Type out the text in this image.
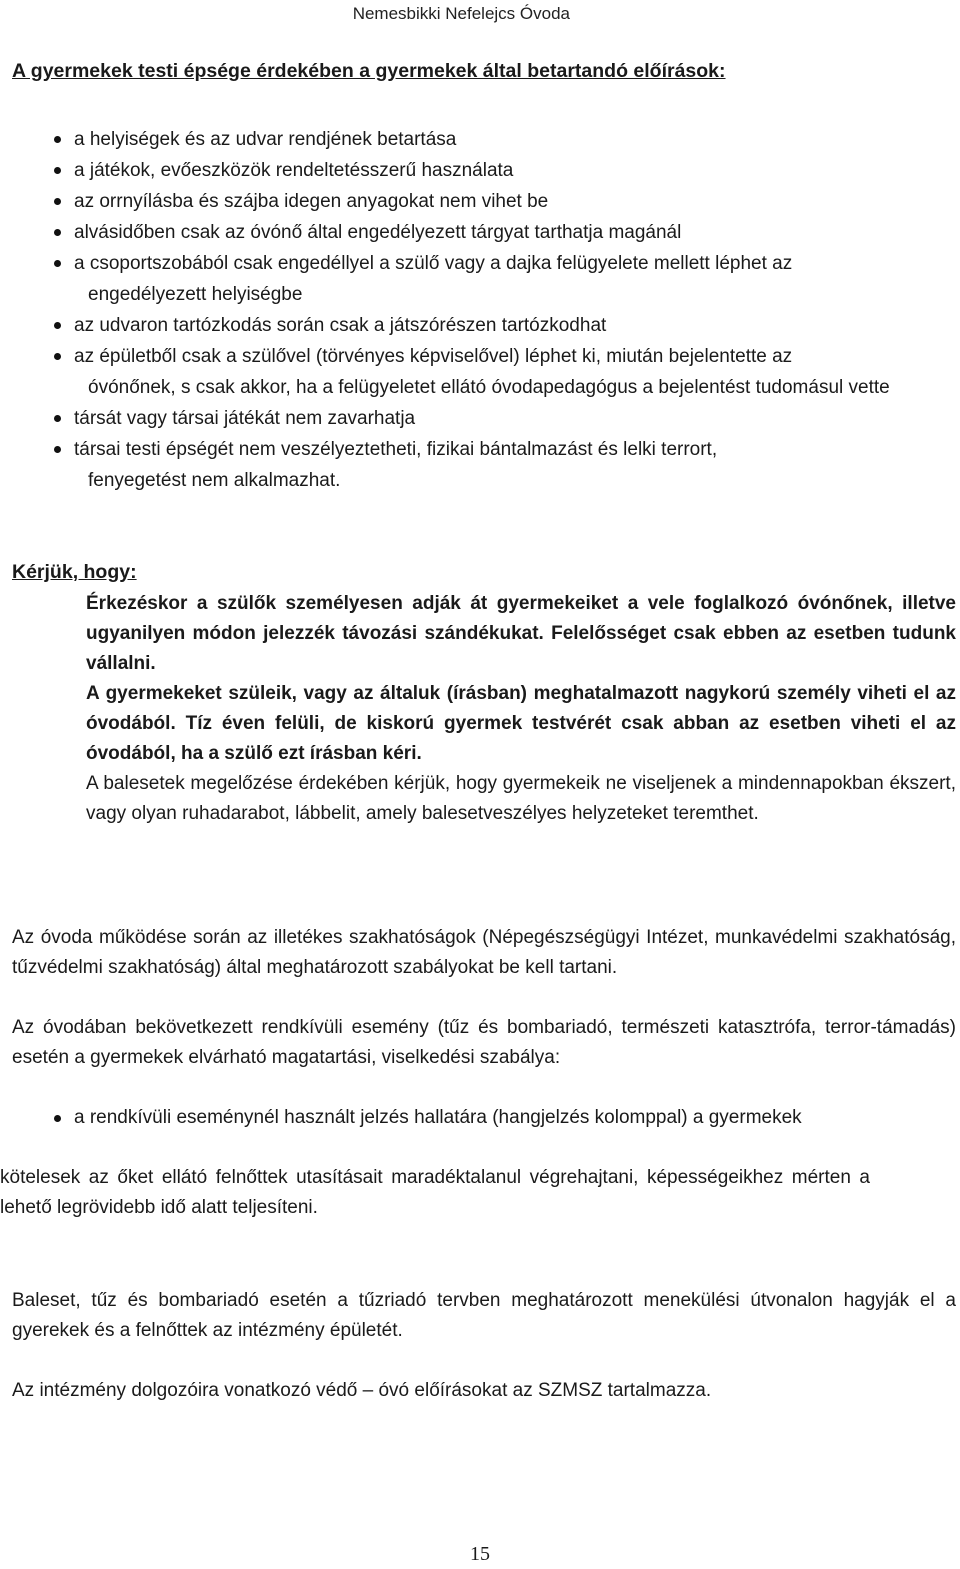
Nemesbikki Nefelejcs Óvoda
A gyermekek testi épsége érdekében a gyermekek által betartandó előírások:
a helyiségek és az udvar rendjének betartása
a játékok, evőeszközök rendeltetésszerű használata
az orrnyílásba és szájba idegen anyagokat nem vihet be
alvásidőben csak az óvónő által engedélyezett tárgyat tarthatja magánál
a csoportszobából csak engedéllyel a szülő vagy a dajka felügyelete mellett léphet az
engedélyezett helyiségbe
az udvaron tartózkodás során csak a játszórészen tartózkodhat
az épületből csak a szülővel (törvényes képviselővel) léphet ki, miután bejelentette az
óvónőnek, s csak akkor, ha a felügyeletet ellátó óvodapedagógus a bejelentést tudomásul vette
társát vagy társai játékát nem zavarhatja
társai testi épségét nem veszélyeztetheti, fizikai bántalmazást és lelki terrort,
fenyegetést nem alkalmazhat.
Kérjük, hogy:

Érkezéskor a szülők személyesen adják át gyermekeiket a vele foglalkozó óvónőnek, illetve ugyanilyen módon jelezzék távozási szándékukat. Felelősséget csak ebben az esetben tudunk vállalni.

A gyermekeket szüleik, vagy az általuk (írásban) meghatalmazott nagykorú személy viheti el az óvodából. Tíz éven felüli, de kiskorú gyermek testvérét csak abban az esetben viheti el az óvodából, ha a szülő ezt írásban kéri.

A balesetek megelőzése érdekében kérjük, hogy gyermekeik ne viseljenek a mindennapokban ékszert, vagy olyan ruhadarabot, lábbelit, amely balesetveszélyes helyzeteket teremthet.

Az óvoda működése során az illetékes szakhatóságok (Népegészségügyi Intézet, munkavédelmi szakhatóság, tűzvédelmi szakhatóság) által meghatározott szabályokat be kell tartani.

Az óvodában bekövetkezett rendkívüli esemény (tűz és bombariadó, természeti katasztrófa, terror-támadás) esetén a gyermekek elvárható magatartási, viselkedési szabálya:

a rendkívüli eseménynél használt jelzés hallatára (hangjelzés kolomppal) a gyermekek

kötelesek az őket ellátó felnőttek utasításait maradéktalanul végrehajtani, képességeikhez mérten a lehető legrövidebb idő alatt teljesíteni.

Baleset, tűz és bombariadó esetén a tűzriadó tervben meghatározott menekülési útvonalon hagyják el a gyerekek és a felnőttek az intézmény épületét.

Az intézmény dolgozóira vonatkozó védő – óvó előírásokat az SZMSZ tartalmazza.

15
